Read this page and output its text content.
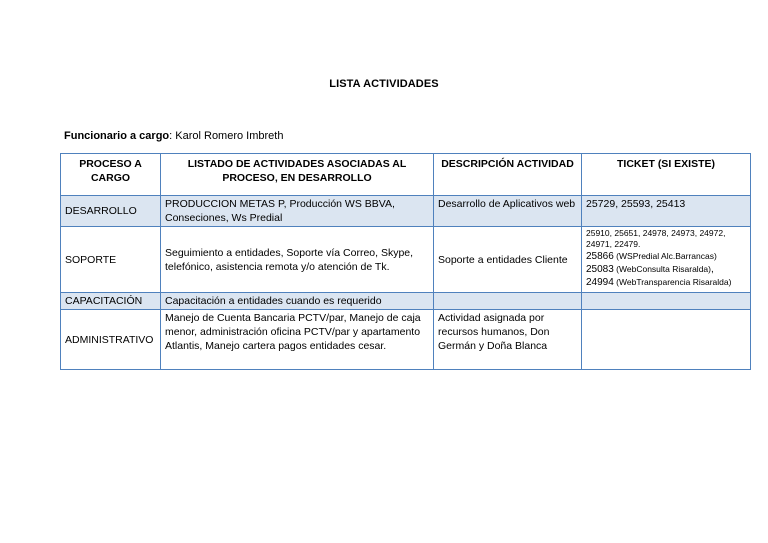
LISTA ACTIVIDADES
Funcionario a cargo: Karol Romero Imbreth
PROCESO A CARGO	LISTADO DE ACTIVIDADES ASOCIADAS AL PROCESO, EN DESARROLLO	DESCRIPCIÓN ACTIVIDAD	TICKET (SI EXISTE)
DESARROLLO	PRODUCCION METAS P, Producción WS BBVA, Conseciones, Ws Predial	Desarrollo de Aplicativos web	25729, 25593, 25413
SOPORTE	Seguimiento a entidades, Soporte vía Correo, Skype, telefónico, asistencia remota y/o atención de Tk.	Soporte a entidades Cliente	25910, 25651, 24978, 24973, 24972, 24971, 22479.
25866 (WSPredial Alc.Barrancas)
25083 (WebConsulta Risaralda),
24994 (WebTransparencia Risaralda)

CAPACITACIÓN	Capacitación a entidades cuando es requerido		
ADMINISTRATIVO	Manejo de Cuenta Bancaria PCTV/par, Manejo de caja menor, administración oficina PCTV/par y apartamento Atlantis, Manejo cartera pagos entidades cesar.	Actividad asignada por recursos humanos, Don Germán y Doña Blanca	
